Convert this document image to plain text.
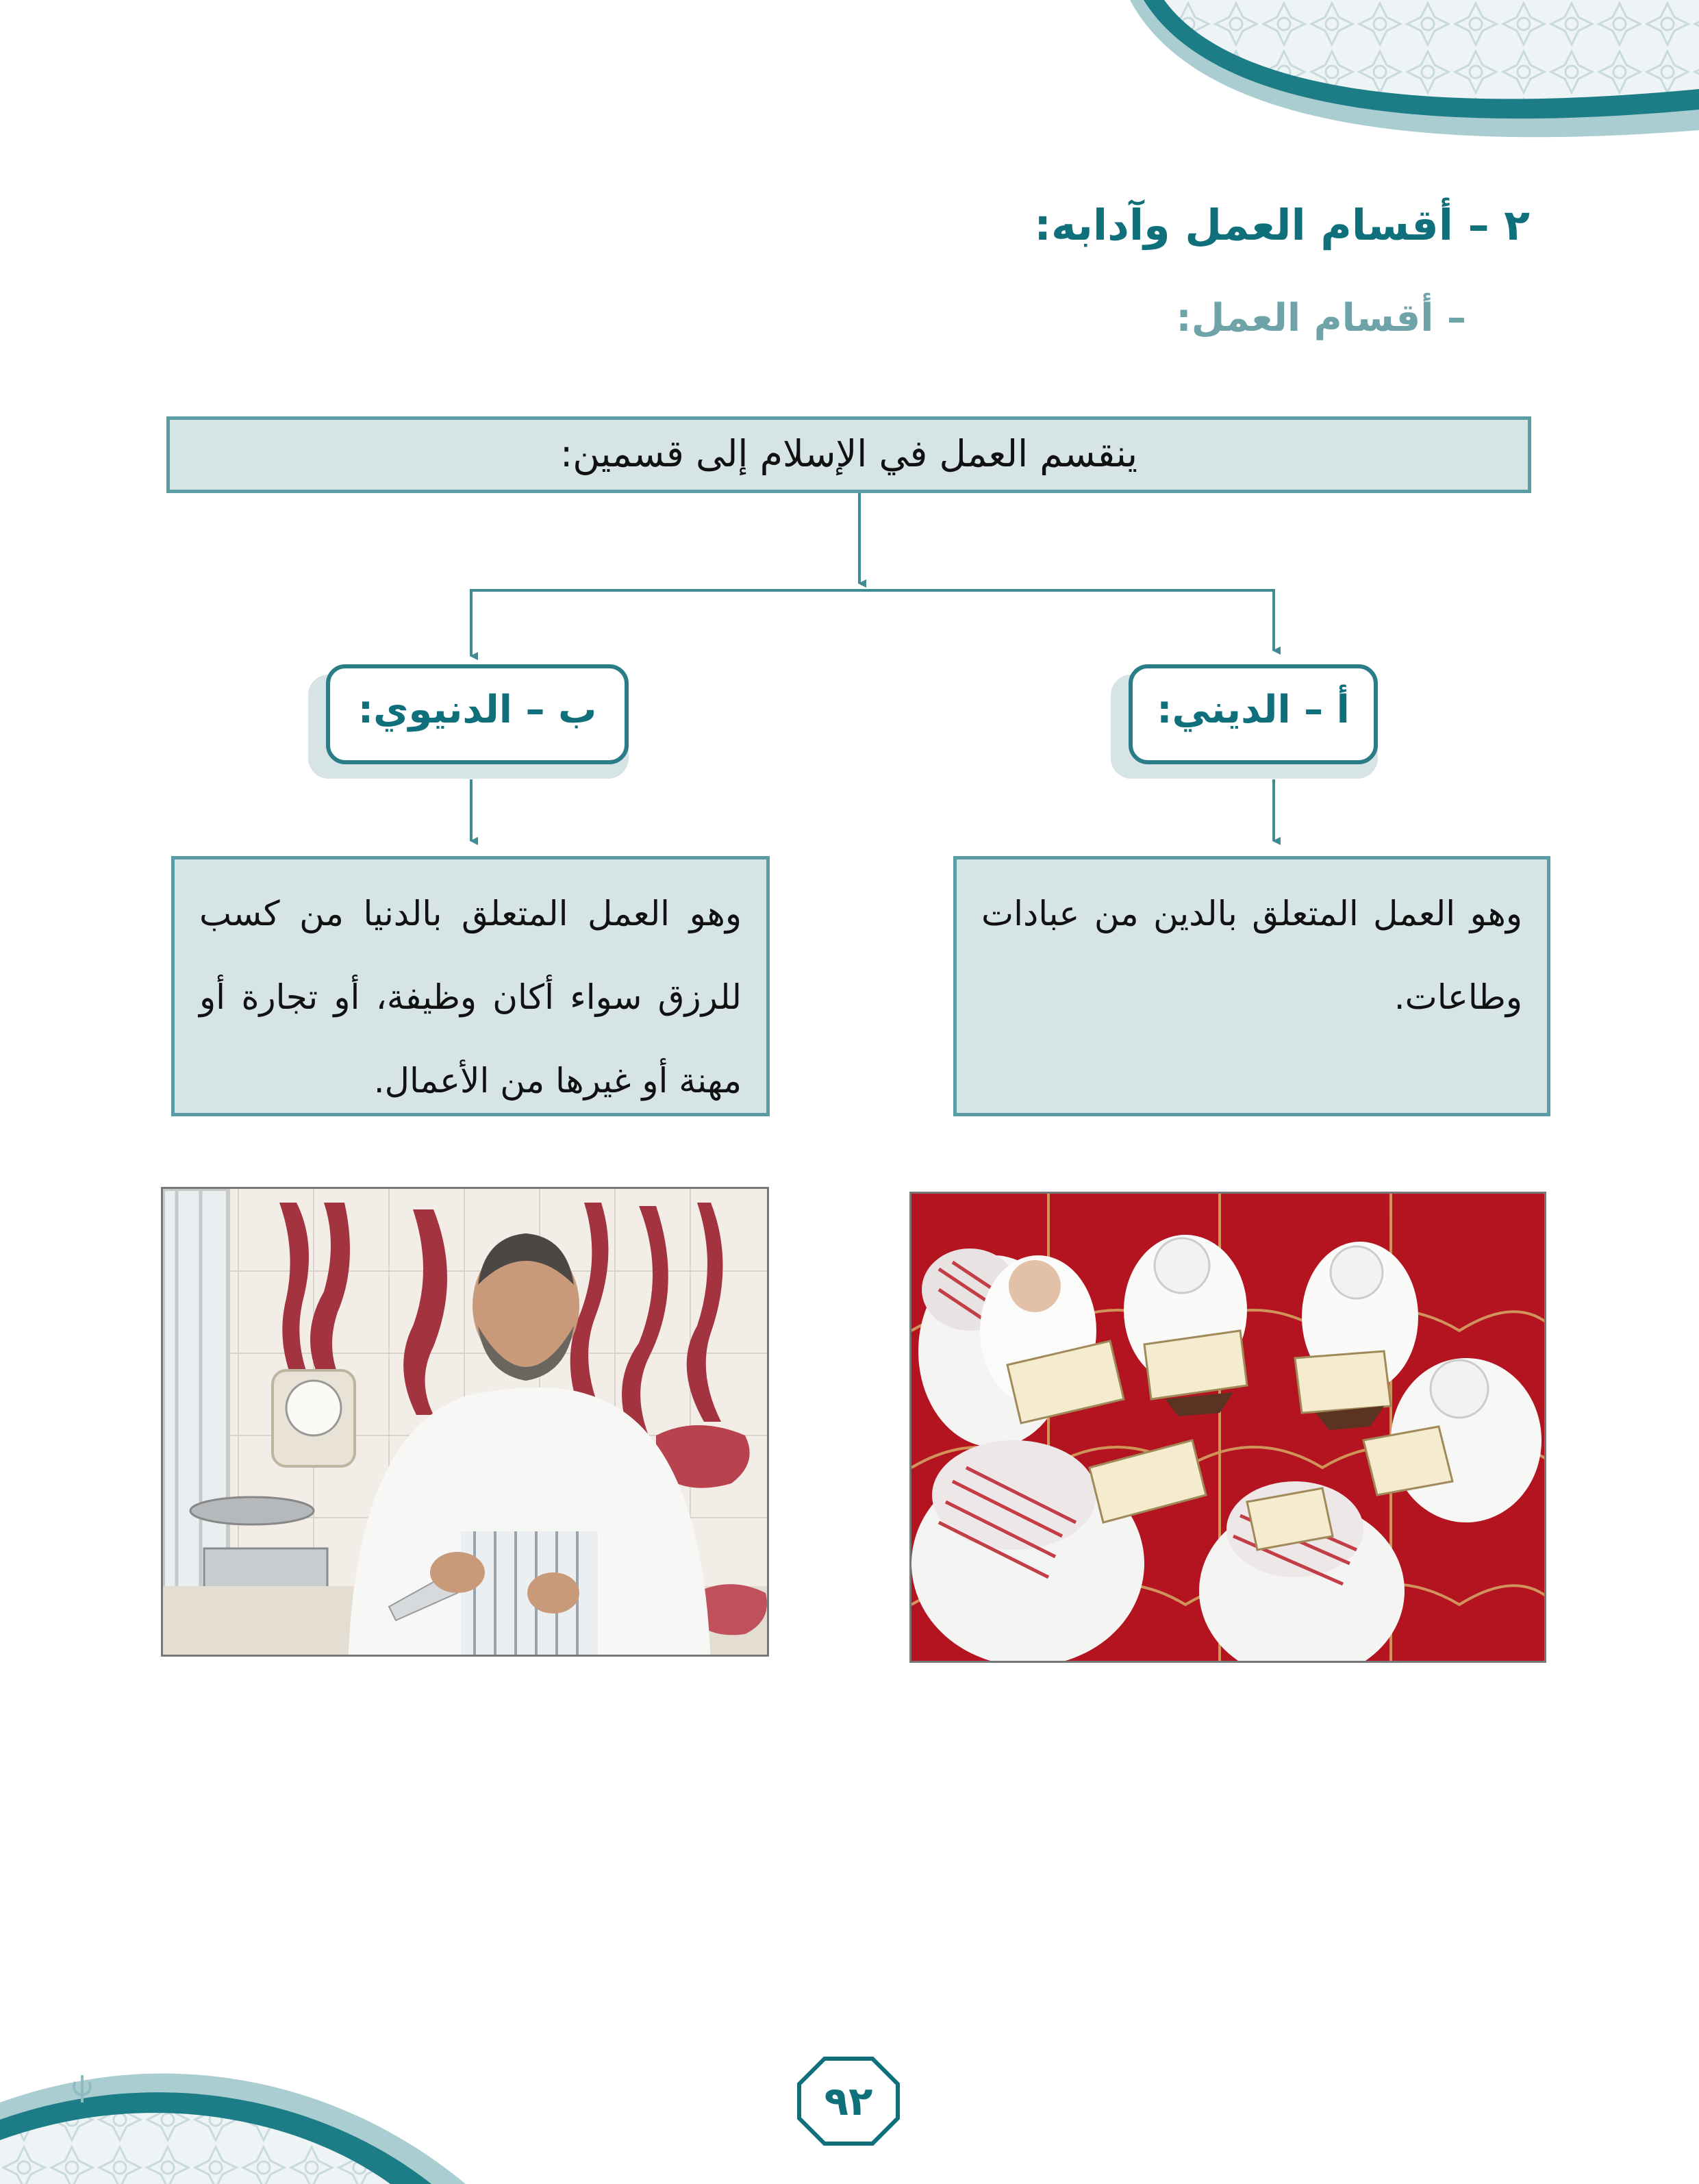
٢ – أقسام العمل وآدابه:
– أقسام العمل:
ينقسم العمل في الإسلام إلى قسمين:
ب – الدنيوي:	أ – الديني:
وهو العمل المتعلق بالدنيا من كسب للرزق سواء أكان وظيفة، أو تجارة أو مهنة أو غيرها من الأعمال.
وهو العمل المتعلق بالدين من عبادات وطاعات.
٩٢
